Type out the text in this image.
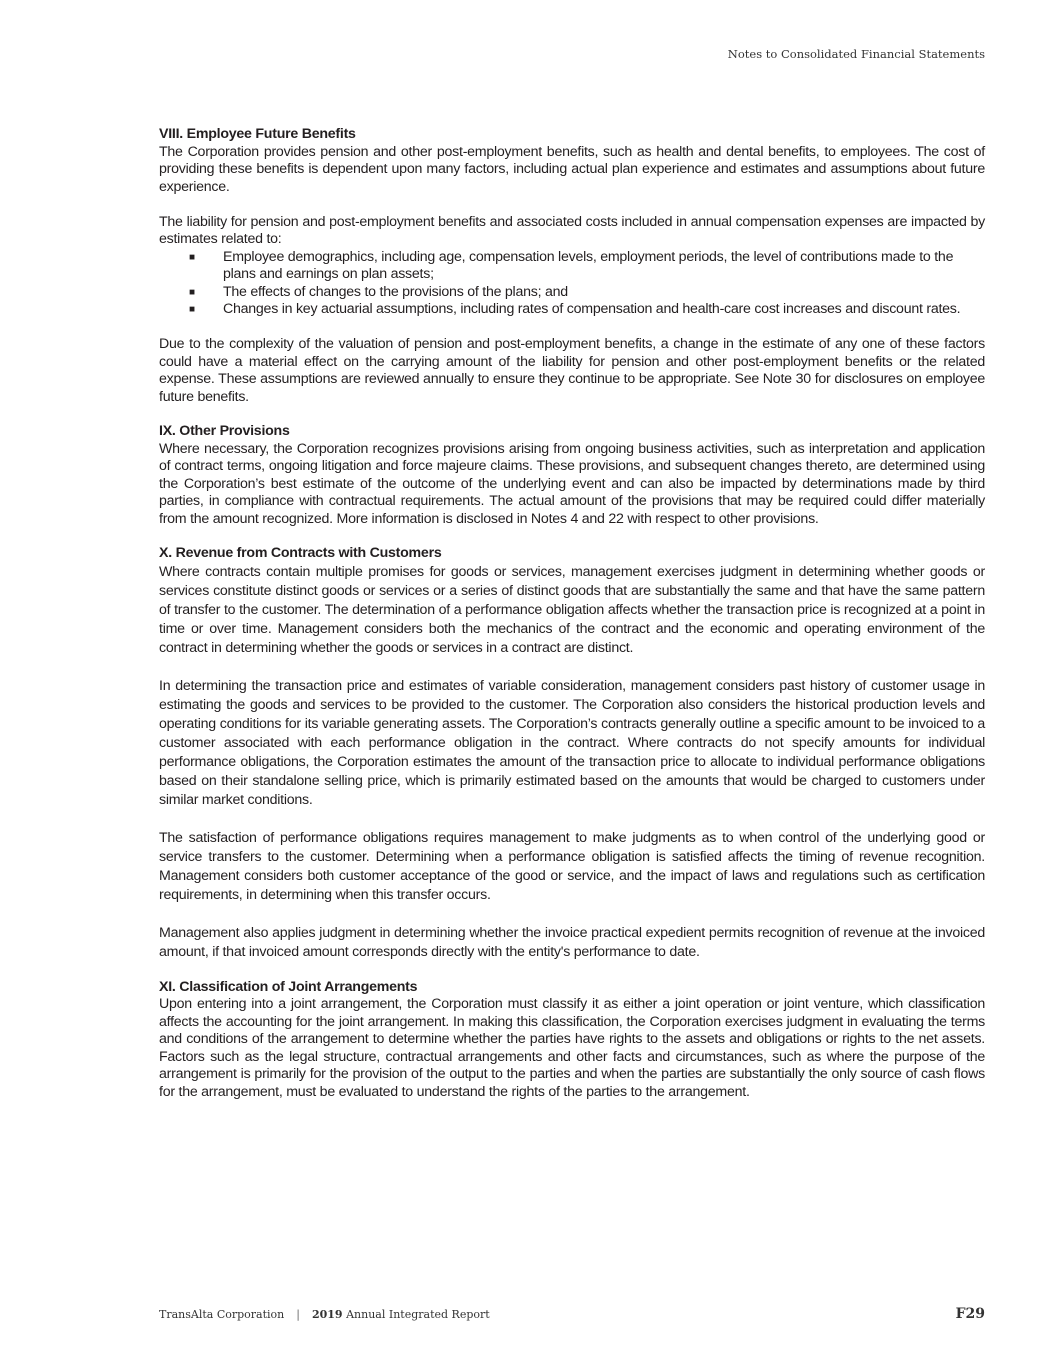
Notes to Consolidated Financial Statements
VIII. Employee Future Benefits

The Corporation provides pension and other post-employment benefits, such as health and dental benefits, to employees. The cost of providing these benefits is dependent upon many factors, including actual plan experience and estimates and assumptions about future experience.

The liability for pension and post-employment benefits and associated costs included in annual compensation expenses are impacted by estimates related to:

■ Employee demographics, including age, compensation levels, employment periods, the level of contributions made to the plans and earnings on plan assets;
■ The effects of changes to the provisions of the plans; and
■ Changes in key actuarial assumptions, including rates of compensation and health-care cost increases and discount rates.

Due to the complexity of the valuation of pension and post-employment benefits, a change in the estimate of any one of these factors could have a material effect on the carrying amount of the liability for pension and other post-employment benefits or the related expense. These assumptions are reviewed annually to ensure they continue to be appropriate. See Note 30 for disclosures on employee future benefits.

IX. Other Provisions

Where necessary, the Corporation recognizes provisions arising from ongoing business activities, such as interpretation and application of contract terms, ongoing litigation and force majeure claims. These provisions, and subsequent changes thereto, are determined using the Corporation’s best estimate of the outcome of the underlying event and can also be impacted by determinations made by third parties, in compliance with contractual requirements. The actual amount of the provisions that may be required could differ materially from the amount recognized. More information is disclosed in Notes 4 and 22 with respect to other provisions.

X. Revenue from Contracts with Customers

Where contracts contain multiple promises for goods or services, management exercises judgment in determining whether goods or services constitute distinct goods or services or a series of distinct goods that are substantially the same and that have the same pattern of transfer to the customer. The determination of a performance obligation affects whether the transaction price is recognized at a point in time or over time. Management considers both the mechanics of the contract and the economic and operating environment of the contract in determining whether the goods or services in a contract are distinct.

In determining the transaction price and estimates of variable consideration, management considers past history of customer usage in estimating the goods and services to be provided to the customer. The Corporation also considers the historical production levels and operating conditions for its variable generating assets. The Corporation’s contracts generally outline a specific amount to be invoiced to a customer associated with each performance obligation in the contract. Where contracts do not specify amounts for individual performance obligations, the Corporation estimates the amount of the transaction price to allocate to individual performance obligations based on their standalone selling price, which is primarily estimated based on the amounts that would be charged to customers under similar market conditions.

The satisfaction of performance obligations requires management to make judgments as to when control of the underlying good or service transfers to the customer. Determining when a performance obligation is satisfied affects the timing of revenue recognition. Management considers both customer acceptance of the good or service, and the impact of laws and regulations such as certification requirements, in determining when this transfer occurs.

Management also applies judgment in determining whether the invoice practical expedient permits recognition of revenue at the invoiced amount, if that invoiced amount corresponds directly with the entity's performance to date.

XI. Classification of Joint Arrangements

Upon entering into a joint arrangement, the Corporation must classify it as either a joint operation or joint venture, which classification affects the accounting for the joint arrangement. In making this classification, the Corporation exercises judgment in evaluating the terms and conditions of the arrangement to determine whether the parties have rights to the assets and obligations or rights to the net assets. Factors such as the legal structure, contractual arrangements and other facts and circumstances, such as where the purpose of the arrangement is primarily for the provision of the output to the parties and when the parties are substantially the only source of cash flows for the arrangement, must be evaluated to understand the rights of the parties to the arrangement.

TransAlta Corporation | 2019 Annual Integrated Report	F29
